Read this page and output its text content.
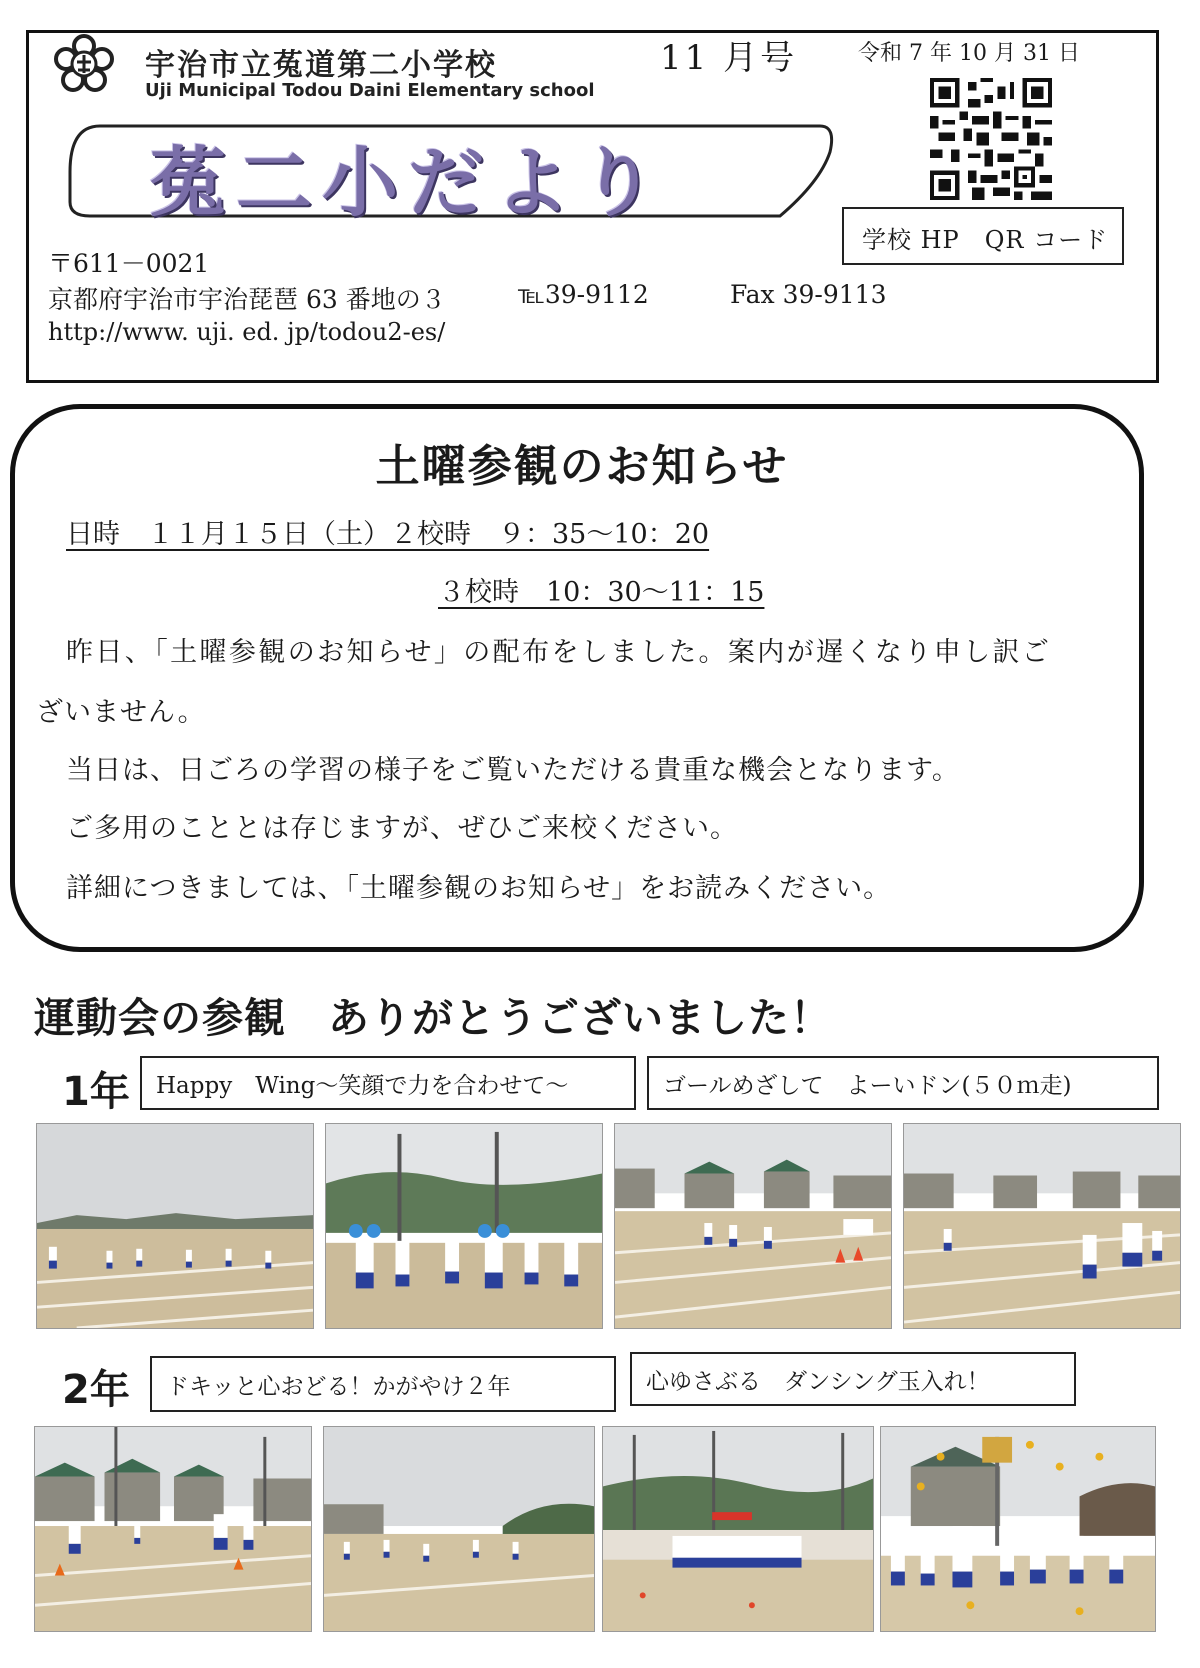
宇治市立菟道第二小学校
Uji Municipal Todou Daini Elementary school
11 月号	令和 7 年 10 月 31 日
菟二小だより
学校 HP　QR コード
〒611－0021
京都府宇治市宇治琵琶 63 番地の３	℡39-9112	Fax 39-9113
http://www. uji. ed. jp/todou2-es/
土曜参観のお知らせ
日時　１１月１５日（土）２校時　９：35～10：20
３校時　10：30～11：15
昨日、「土曜参観のお知らせ」の配布をしました。案内が遅くなり申し訳ご
ざいません。
当日は、日ごろの学習の様子をご覧いただける貴重な機会となります。
ご多用のこととは存じますが、ぜひご来校ください。
詳細につきましては、「土曜参観のお知らせ」をお読みください。
運動会の参観　ありがとうございました！
1年	Happy　Wing～笑顔で力を合わせて～	ゴールめざして　よーいドン(５０ｍ走)
2年	ドキッと心おどる！かがやけ２年	心ゆさぶる　ダンシング玉入れ！
